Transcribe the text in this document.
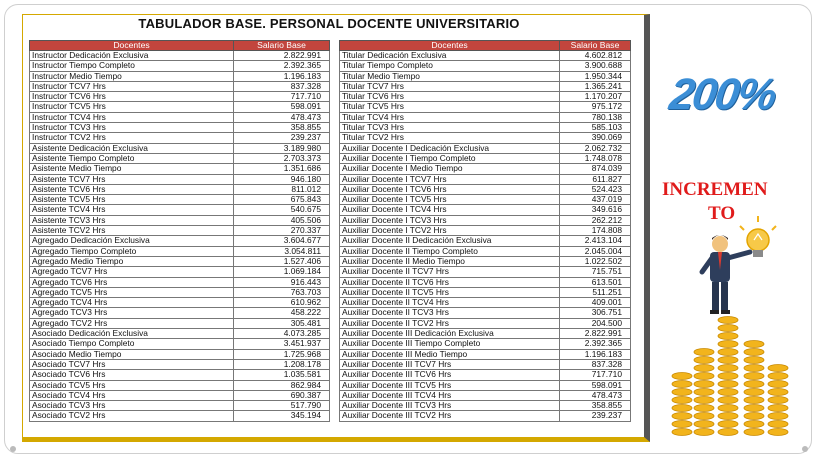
TABULADOR BASE. PERSONAL DOCENTE UNIVERSITARIO
Docentes	Salario Base
Instructor Dedicación Exclusiva	2.822.991
Instructor Tiempo Completo	2.392.365
Instructor Medio Tiempo	1.196.183
Instructor TCV7 Hrs	837.328
Instructor TCV6 Hrs	717.710
Instructor TCV5 Hrs	598.091
Instructor TCV4 Hrs	478.473
Instructor TCV3 Hrs	358.855
Instructor TCV2 Hrs	239.237
Asistente Dedicación Exclusiva	3.189.980
Asistente Tiempo Completo	2.703.373
Asistente Medio Tiempo	1.351.686
Asistente TCV7 Hrs	946.180
Asistente TCV6 Hrs	811.012
Asistente TCV5 Hrs	675.843
Asistente TCV4 Hrs	540.675
Asistente TCV3 Hrs	405.506
Asistente TCV2 Hrs	270.337
Agregado Dedicación Exclusiva	3.604.677
Agregado Tiempo Completo	3.054.811
Agregado Medio Tiempo	1.527.406
Agregado TCV7 Hrs	1.069.184
Agregado TCV6 Hrs	916.443
Agregado TCV5 Hrs	763.703
Agregado TCV4 Hrs	610.962
Agregado TCV3 Hrs	458.222
Agregado TCV2 Hrs	305.481
Asociado Dedicación Exclusiva	4.073.285
Asociado Tiempo Completo	3.451.937
Asociado Medio Tiempo	1.725.968
Asociado TCV7 Hrs	1.208.178
Asociado TCV6 Hrs	1.035.581
Asociado TCV5 Hrs	862.984
Asociado TCV4 Hrs	690.387
Asociado TCV3 Hrs	517.790
Asociado TCV2 Hrs	345.194
Docentes	Salario Base
Titular Dedicación Exclusiva	4.602.812
Titular Tiempo Completo	3.900.688
Titular Medio Tiempo	1.950.344
Titular TCV7 Hrs	1.365.241
Titular TCV6 Hrs	1.170.207
Titular TCV5 Hrs	975.172
Titular TCV4 Hrs	780.138
Titular TCV3 Hrs	585.103
Titular TCV2 Hrs	390.069
Auxiliar Docente I Dedicación Exclusiva	2.062.732
Auxiliar Docente I Tiempo Completo	1.748.078
Auxiliar Docente I Medio Tiempo	874.039
Auxiliar Docente I TCV7 Hrs	611.827
Auxiliar Docente I TCV6 Hrs	524.423
Auxiliar Docente I TCV5 Hrs	437.019
Auxiliar Docente I TCV4 Hrs	349.616
Auxiliar Docente I TCV3 Hrs	262.212
Auxiliar Docente I TCV2 Hrs	174.808
Auxiliar Docente II Dedicación Exclusiva	2.413.104
Auxiliar Docente II Tiempo Completo	2.045.004
Auxiliar Docente II Medio Tiempo	1.022.502
Auxiliar Docente II TCV7 Hrs	715.751
Auxiliar Docente II TCV6 Hrs	613.501
Auxiliar Docente II TCV5 Hrs	511.251
Auxiliar Docente II TCV4 Hrs	409.001
Auxiliar Docente II TCV3 Hrs	306.751
Auxiliar Docente II TCV2 Hrs	204.500
Auxiliar Docente III Dedicación Exclusiva	2.822.991
Auxiliar Docente III Tiempo Completo	2.392.365
Auxiliar Docente III Medio Tiempo	1.196.183
Auxiliar Docente III TCV7 Hrs	837.328
Auxiliar Docente III TCV6 Hrs	717.710
Auxiliar Docente III TCV5 Hrs	598.091
Auxiliar Docente III TCV4 Hrs	478.473
Auxiliar Docente III TCV3 Hrs	358.855
Auxiliar Docente III TCV2 Hrs	239.237
200%
INCREMEN
TO
